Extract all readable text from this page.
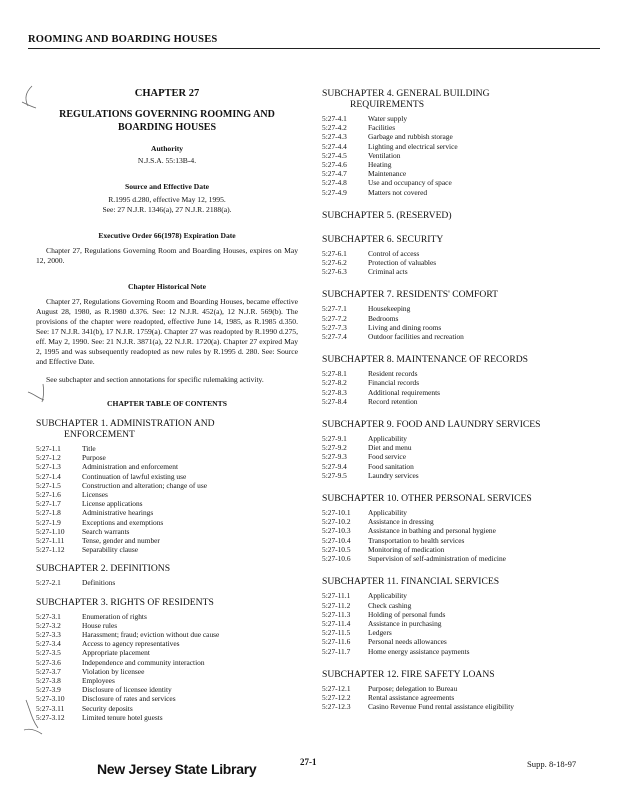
ROOMING AND BOARDING HOUSES
CHAPTER 27
REGULATIONS GOVERNING ROOMING AND BOARDING HOUSES
Authority
N.J.S.A. 55:13B-4.
Source and Effective Date
R.1995 d.280, effective May 12, 1995.
See: 27 N.J.R. 1346(a), 27 N.J.R. 2188(a).
Executive Order 66(1978) Expiration Date
Chapter 27, Regulations Governing Room and Boarding Houses, expires on May 12, 2000.
Chapter Historical Note
Chapter 27, Regulations Governing Room and Boarding Houses, became effective August 28, 1980, as R.1980 d.376. See: 12 N.J.R. 452(a), 12 N.J.R. 569(b). The provisions of the chapter were readopted, effective June 14, 1985, as R.1985 d.350. See: 17 N.J.R. 341(b), 17 N.J.R. 1759(a). Chapter 27 was readopted by R.1990 d.275, eff. May 2, 1990. See: 21 N.J.R. 3871(a), 22 N.J.R. 1720(a). Chapter 27 expired May 2, 1995 and was subsequently readopted as new rules by R.1995 d. 280. See: Source and Effective Date.
See subchapter and section annotations for specific rulemaking activity.
CHAPTER TABLE OF CONTENTS
SUBCHAPTER 1. ADMINISTRATION AND
ENFORCEMENT
5:27-1.1	Title
5:27-1.2	Purpose
5:27-1.3	Administration and enforcement
5:27-1.4	Continuation of lawful existing use
5:27-1.5	Construction and alteration; change of use
5:27-1.6	Licenses
5:27-1.7	License applications
5:27-1.8	Administrative hearings
5:27-1.9	Exceptions and exemptions
5:27-1.10	Search warrants
5:27-1.11	Tense, gender and number
5:27-1.12	Separability clause
SUBCHAPTER 2. DEFINITIONS
5:27-2.1	Definitions
SUBCHAPTER 3. RIGHTS OF RESIDENTS
5:27-3.1	Enumeration of rights
5:27-3.2	House rules
5:27-3.3	Harassment; fraud; eviction without due cause
5:27-3.4	Access to agency representatives
5:27-3.5	Appropriate placement
5:27-3.6	Independence and community interaction
5:27-3.7	Violation by licensee
5:27-3.8	Employees
5:27-3.9	Disclosure of licensee identity
5:27-3.10	Disclosure of rates and services
5:27-3.11	Security deposits
5:27-3.12	Limited tenure hotel guests
SUBCHAPTER 4. GENERAL BUILDING
REQUIREMENTS
5:27-4.1	Water supply
5:27-4.2	Facilities
5:27-4.3	Garbage and rubbish storage
5:27-4.4	Lighting and electrical service
5:27-4.5	Ventilation
5:27-4.6	Heating
5:27-4.7	Maintenance
5:27-4.8	Use and occupancy of space
5:27-4.9	Matters not covered
SUBCHAPTER 5. (RESERVED)
SUBCHAPTER 6. SECURITY
5:27-6.1	Control of access
5:27-6.2	Protection of valuables
5:27-6.3	Criminal acts
SUBCHAPTER 7. RESIDENTS' COMFORT
5:27-7.1	Housekeeping
5:27-7.2	Bedrooms
5:27-7.3	Living and dining rooms
5:27-7.4	Outdoor facilities and recreation
SUBCHAPTER 8. MAINTENANCE OF RECORDS
5:27-8.1	Resident records
5:27-8.2	Financial records
5:27-8.3	Additional requirements
5:27-8.4	Record retention
SUBCHAPTER 9. FOOD AND LAUNDRY SERVICES
5:27-9.1	Applicability
5:27-9.2	Diet and menu
5:27-9.3	Food service
5:27-9.4	Food sanitation
5:27-9.5	Laundry services
SUBCHAPTER 10. OTHER PERSONAL SERVICES
5:27-10.1	Applicability
5:27-10.2	Assistance in dressing
5:27-10.3	Assistance in bathing and personal hygiene
5:27-10.4	Transportation to health services
5:27-10.5	Monitoring of medication
5:27-10.6	Supervision of self-administration of medicine
SUBCHAPTER 11. FINANCIAL SERVICES
5:27-11.1	Applicability
5:27-11.2	Check cashing
5:27-11.3	Holding of personal funds
5:27-11.4	Assistance in purchasing
5:27-11.5	Ledgers
5:27-11.6	Personal needs allowances
5:27-11.7	Home energy assistance payments
SUBCHAPTER 12. FIRE SAFETY LOANS
5:27-12.1	Purpose; delegation to Bureau
5:27-12.2	Rental assistance agreements
5:27-12.3	Casino Revenue Fund rental assistance eligibility
New Jersey State Library	27-1	Supp. 8-18-97
